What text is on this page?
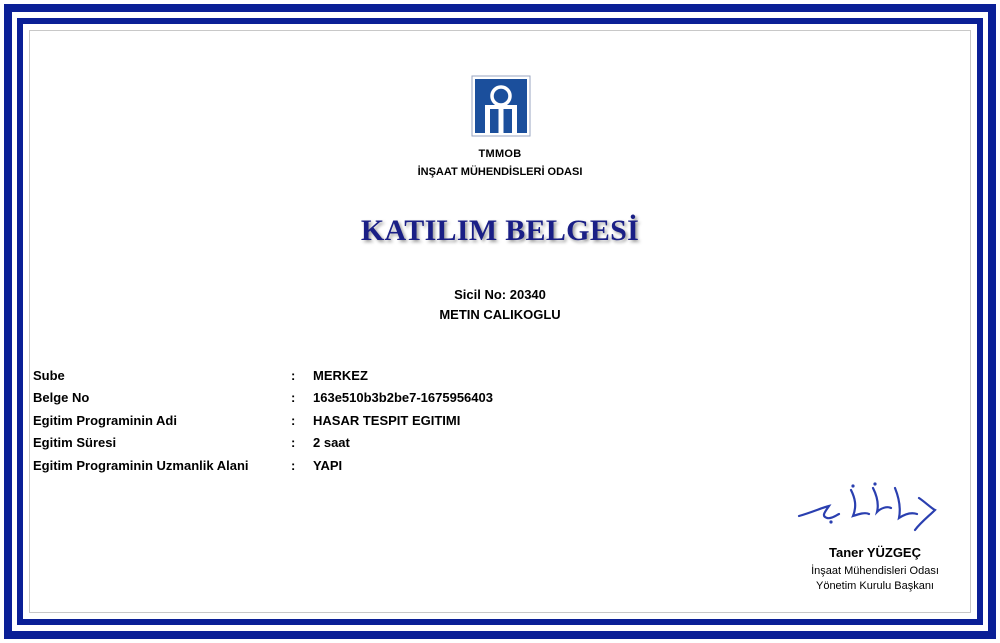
TMMOB
İNŞAAT MÜHENDİSLERİ ODASI
KATILIM BELGESİ
Sicil No: 20340
METIN CALIKOGLU
Sube	:	MERKEZ
Belge No	:	163e510b3b2be7-1675956403
Egitim Programinin Adi	:	HASAR TESPIT EGITIMI
Egitim Süresi	:	2 saat
Egitim Programinin Uzmanlik Alani	:	YAPI
Taner YÜZGEÇ
İnşaat Mühendisleri Odası
Yönetim Kurulu Başkanı
